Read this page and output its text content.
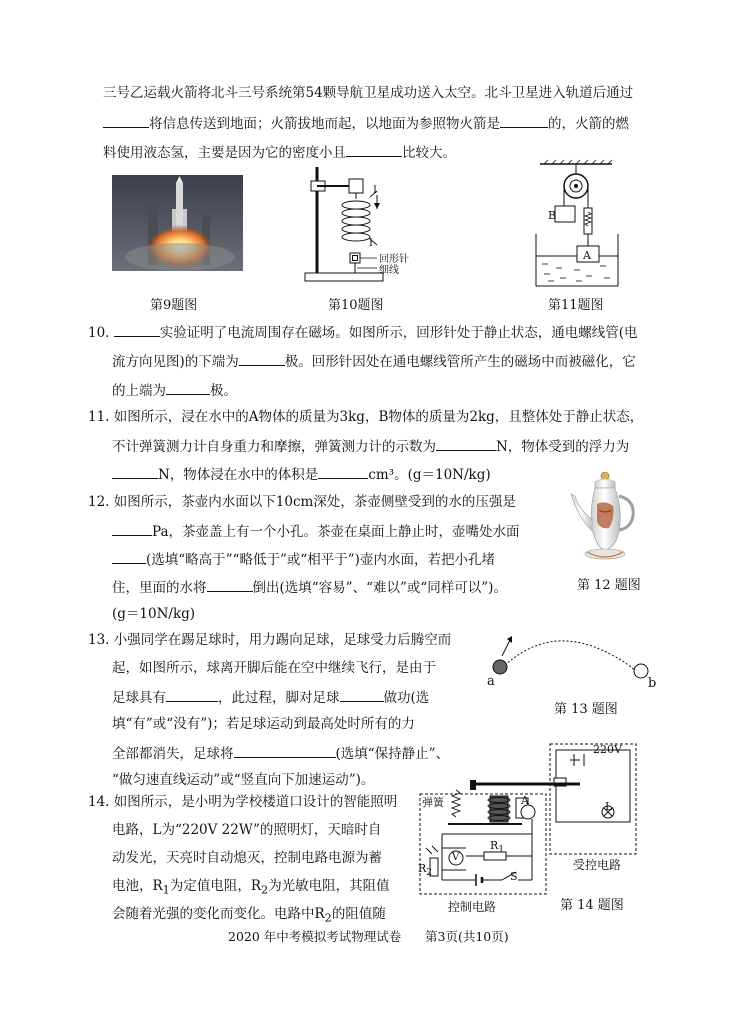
三号乙运载火箭将北斗三号系统第54颗导航卫星成功送入太空。北斗卫星进入轨道后通过
将信息传送到地面；火箭拔地而起，以地面为参照物火箭是	的，火箭的燃
料使用液态氢，主要是因为它的密度小且	比较大。
第9题图
I
I
回形针
细线
第10题图
B
A
第11题图
10.	实验证明了电流周围存在磁场。如图所示，回形针处于静止状态，通电螺线管(电
流方向见图)的下端为	极。回形针因处在通电螺线管所产生的磁场中而被磁化，它
的上端为	极。
11. 如图所示，浸在水中的A物体的质量为3kg，B物体的质量为2kg，且整体处于静止状态，
不计弹簧测力计自身重力和摩擦，弹簧测力计的示数为	N，物体受到的浮力为
N，物体浸在水中的体积是	cm³。(g＝10N/kg)
12. 如图所示，茶壶内水面以下10cm深处，茶壶侧壁受到的水的压强是
Pa，茶壶盖上有一个小孔。茶壶在桌面上静止时，壶嘴处水面
(选填“略高于”“略低于”或“相平于”)壶内水面，若把小孔堵
住，里面的水将	倒出(选填“容易”、“难以”或“同样可以”)。
(g＝10N/kg)
第 12 题图
13. 小强同学在踢足球时，用力踢向足球，足球受力后腾空而
起，如图所示，球离开脚后能在空中继续飞行，是由于
足球具有	，此过程，脚对足球	做功(选
填“有”或“没有”)；若足球运动到最高处时所有的力
全部都消失，足球将	(选填“保持静止”、
“做匀速直线运动”或“竖直向下加速运动”)。
a	b
第 13 题图
14. 如图所示，是小明为学校楼道口设计的智能照明
电路，L为“220V 22W”的照明灯，天暗时自
动发光，天亮时自动熄灭，控制电路电源为蓄
电池，$R_1$为定值电阻，$R_2$为光敏电阻，其阻值
会随着光强的变化而变化。电路中$R_2$的阻值随
220V
弹簧	A
V
$R_1$
$R_2$	S
L
受控电路
控制电路	第 14 题图
2020 年中考模拟考试物理试卷 第3页(共10页)
